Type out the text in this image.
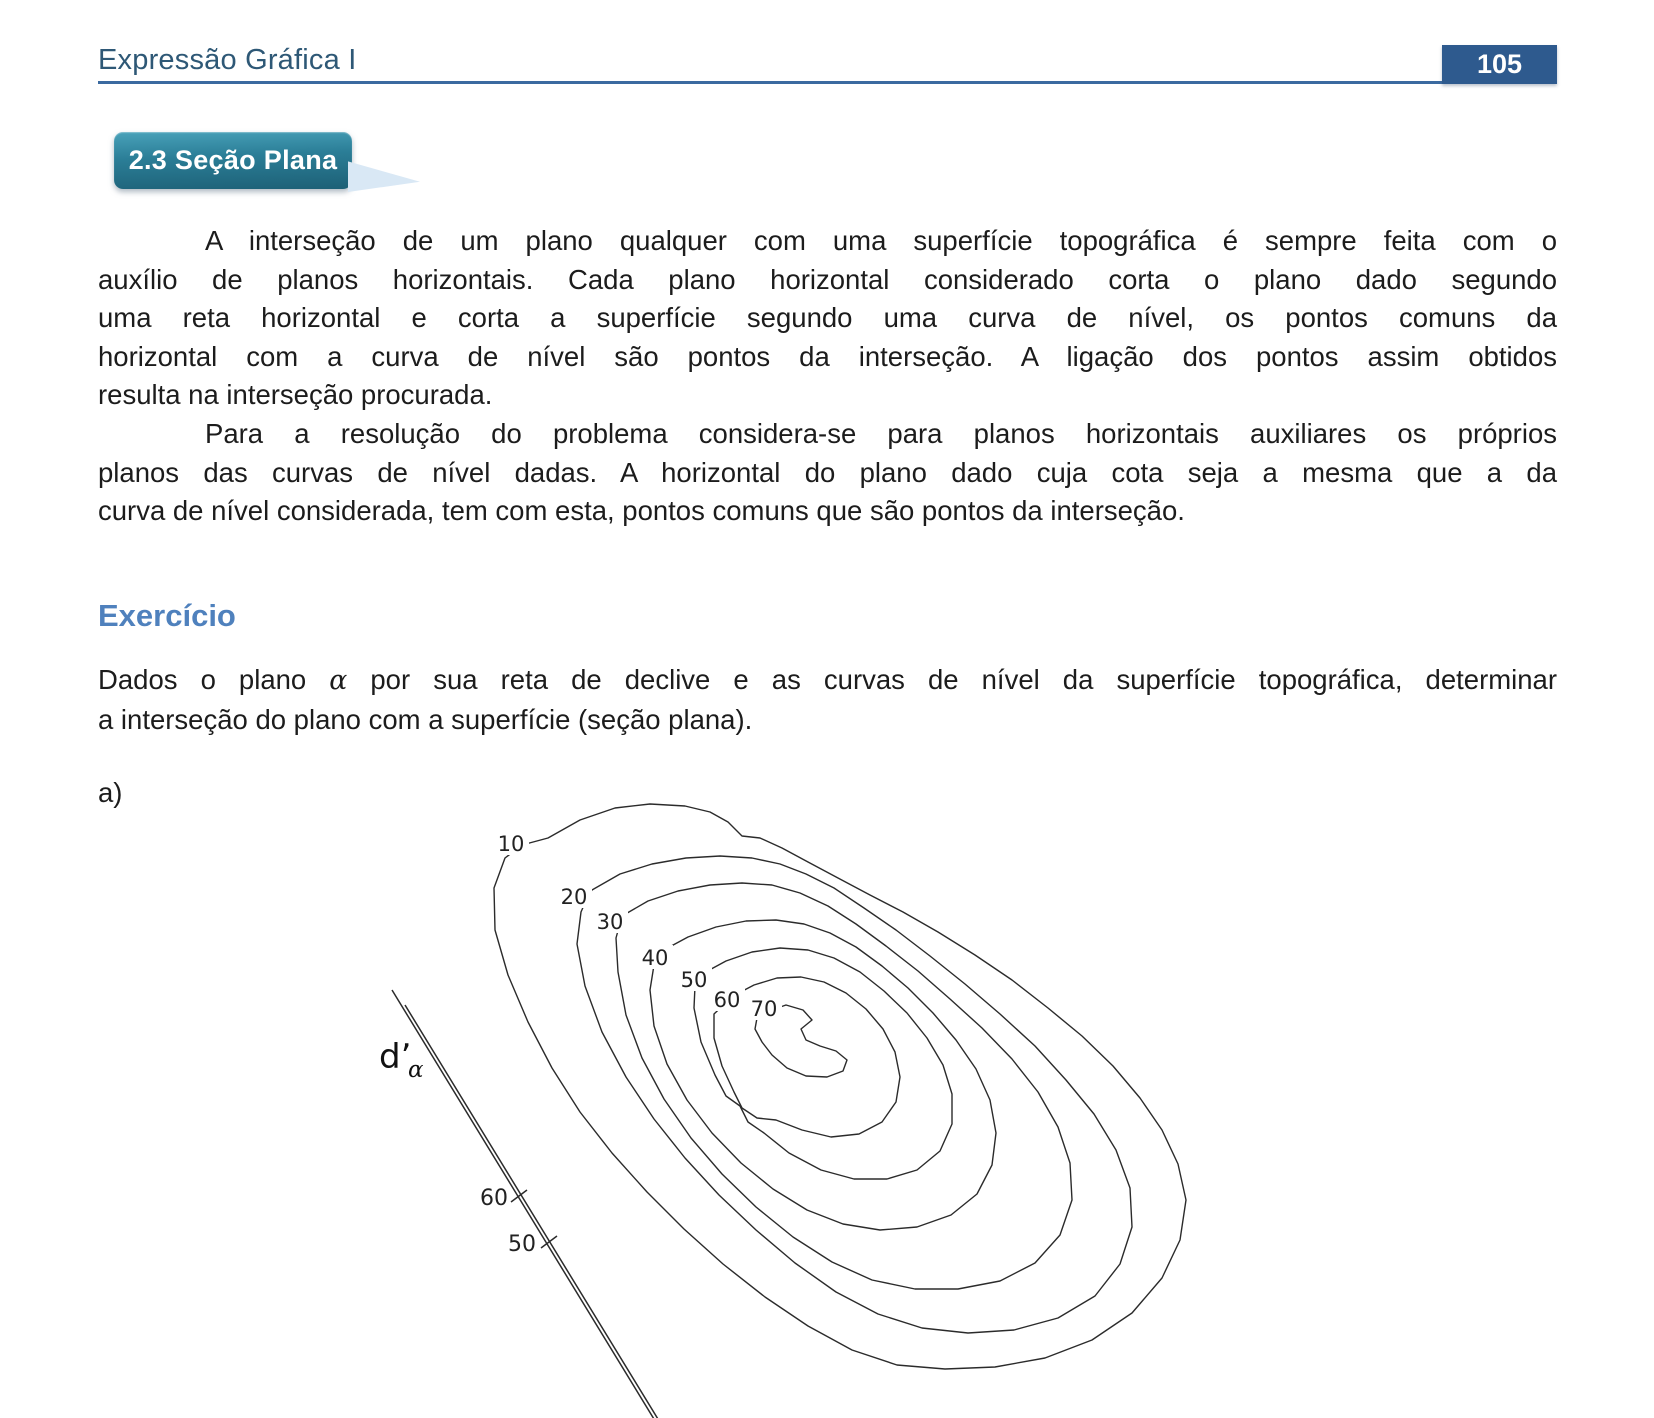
Expressão Gráfica I	105
2.3 Seção Plana
A interseção de um plano qualquer com uma superfície topográfica é sempre feita com o
auxílio de planos horizontais. Cada plano horizontal considerado corta o plano dado segundo
uma reta horizontal e corta a superfície segundo uma curva de nível, os pontos comuns da
horizontal com a curva de nível são pontos da interseção. A ligação dos pontos assim obtidos
resulta na interseção procurada.
Para a resolução do problema considera-se para planos horizontais auxiliares os próprios
planos das curvas de nível dadas. A horizontal do plano dado cuja cota seja a mesma que a da
curva de nível considerada, tem com esta, pontos comuns que são pontos da interseção.
Exercício
Dados o plano α por sua reta de declive e as curvas de nível da superfície topográfica, determinar
a interseção do plano com a superfície (seção plana).
a)
10
20
30
40
50
60 70
60
50
d’
α
